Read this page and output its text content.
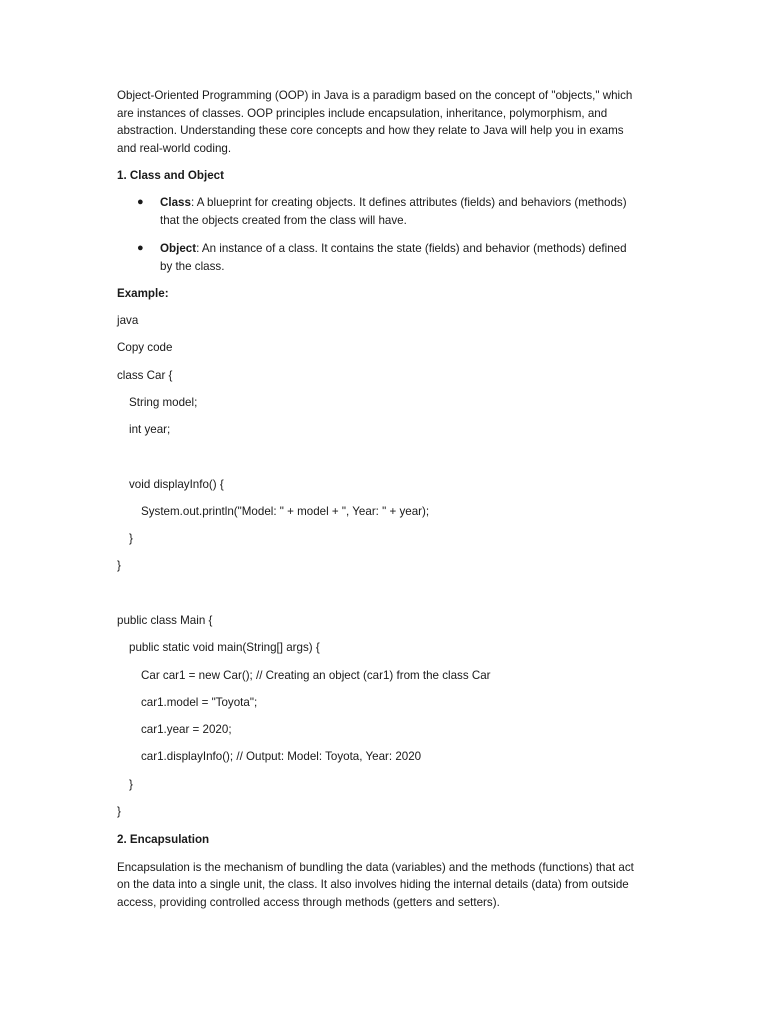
Object-Oriented Programming (OOP) in Java is a paradigm based on the concept of "objects," which
are instances of classes. OOP principles include encapsulation, inheritance, polymorphism, and
abstraction. Understanding these core concepts and how they relate to Java will help you in exams
and real-world coding.
1. Class and Object
● Class: A blueprint for creating objects. It defines attributes (fields) and behaviors (methods)
that the objects created from the class will have.
● Object: An instance of a class. It contains the state (fields) and behavior (methods) defined
by the class.
Example:
java
Copy code
class Car {
String model;
int year;
void displayInfo() {
System.out.println("Model: " + model + ", Year: " + year);
}
}
public class Main {
public static void main(String[] args) {
Car car1 = new Car(); // Creating an object (car1) from the class Car
car1.model = "Toyota";
car1.year = 2020;
car1.displayInfo(); // Output: Model: Toyota, Year: 2020
}
}
2. Encapsulation
Encapsulation is the mechanism of bundling the data (variables) and the methods (functions) that act
on the data into a single unit, the class. It also involves hiding the internal details (data) from outside
access, providing controlled access through methods (getters and setters).
